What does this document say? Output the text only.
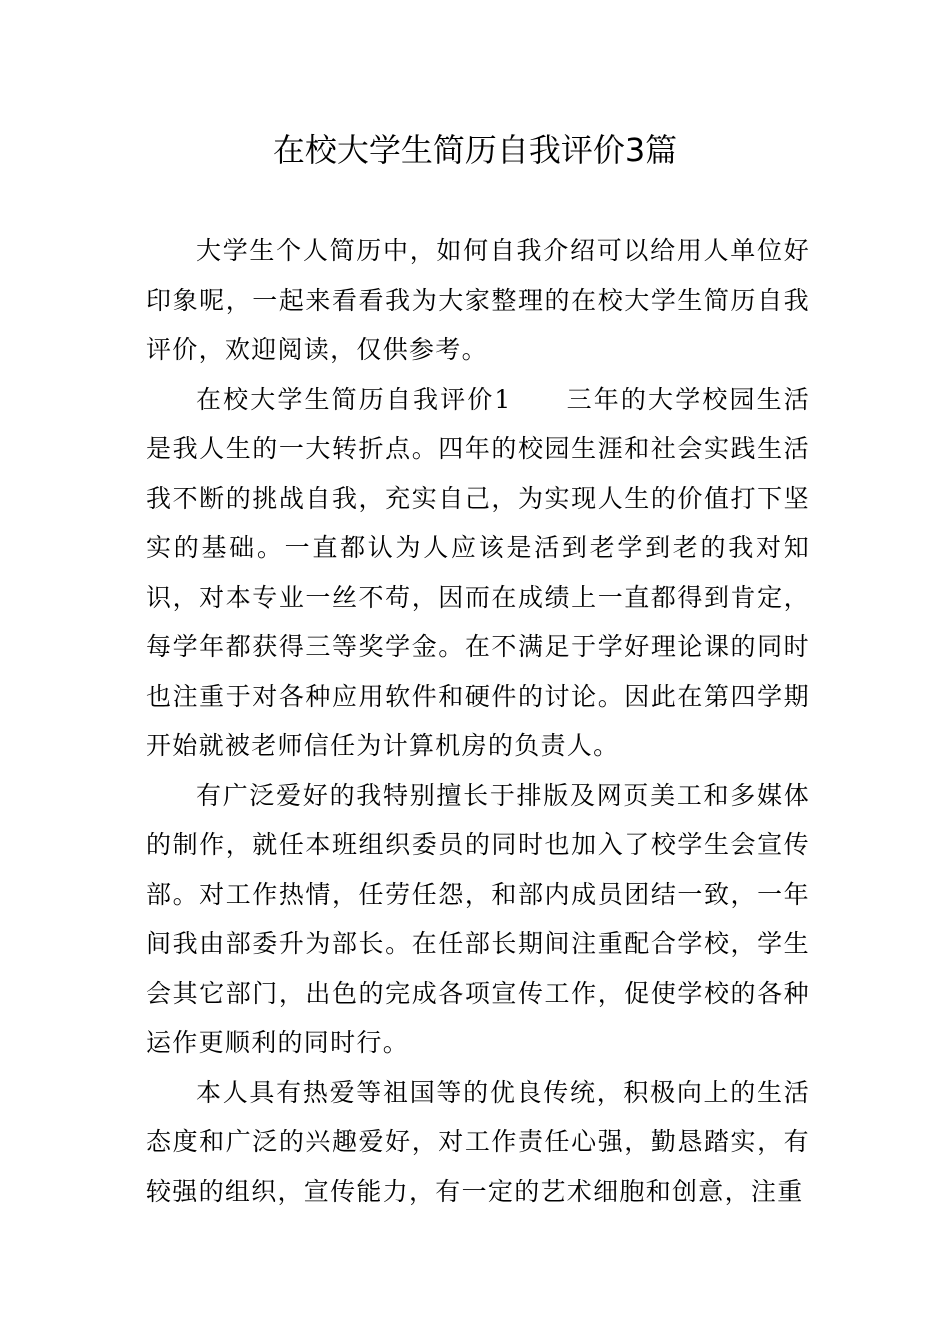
在校大学生简历自我评价3篇

大学生个人简历中，如何自我介绍可以给用人单位好印象呢，一起来看看我为大家整理的在校大学生简历自我评价，欢迎阅读，仅供参考。

在校大学生简历自我评价1　　三年的大学校园生活是我人生的一大转折点。四年的校园生涯和社会实践生活我不断的挑战自我，充实自己，为实现人生的价值打下坚实的基础。一直都认为人应该是活到老学到老的我对知识，对本专业一丝不苟，因而在成绩上一直都得到肯定，每学年都获得三等奖学金。在不满足于学好理论课的同时也注重于对各种应用软件和硬件的讨论。因此在第四学期开始就被老师信任为计算机房的负责人。

有广泛爱好的我特别擅长于排版及网页美工和多媒体的制作，就任本班组织委员的同时也加入了校学生会宣传部。对工作热情，任劳任怨，和部内成员团结一致，一年间我由部委升为部长。在任部长期间注重配合学校，学生会其它部门，出色的完成各项宣传工作，促使学校的各种运作更顺利的同时行。

本人具有热爱等祖国等的优良传统，积极向上的生活态度和广泛的兴趣爱好，对工作责任心强，勤恳踏实，有较强的组织，宣传能力，有一定的艺术细胞和创意，注重
